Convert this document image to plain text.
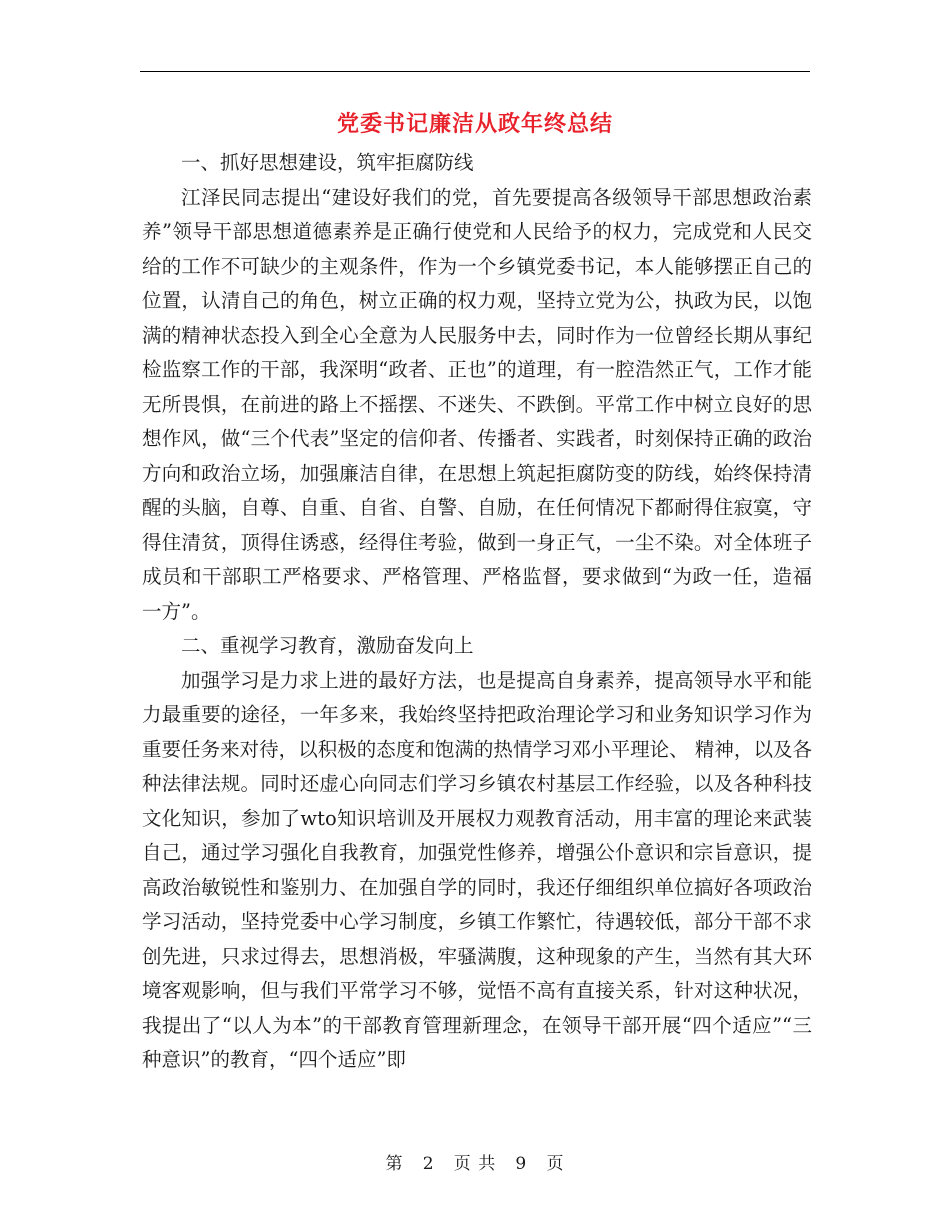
党委书记廉洁从政年终总结

一、抓好思想建设，筑牢拒腐防线

江泽民同志提出“建设好我们的党，首先要提高各级领导干部思想政治素养”领导干部思想道德素养是正确行使党和人民给予的权力，完成党和人民交给的工作不可缺少的主观条件，作为一个乡镇党委书记，本人能够摆正自己的位置，认清自己的角色，树立正确的权力观，坚持立党为公，执政为民，以饱满的精神状态投入到全心全意为人民服务中去，同时作为一位曾经长期从事纪检监察工作的干部，我深明“政者、正也”的道理，有一腔浩然正气，工作才能无所畏惧，在前进的路上不摇摆、不迷失、不跌倒。平常工作中树立良好的思想作风，做“三个代表”坚定的信仰者、传播者、实践者，时刻保持正确的政治方向和政治立场，加强廉洁自律，在思想上筑起拒腐防变的防线，始终保持清醒的头脑，自尊、自重、自省、自警、自励，在任何情况下都耐得住寂寞，守得住清贫，顶得住诱惑，经得住考验，做到一身正气，一尘不染。对全体班子成员和干部职工严格要求、严格管理、严格监督，要求做到“为政一任，造福一方”。

二、重视学习教育，激励奋发向上

加强学习是力求上进的最好方法，也是提高自身素养，提高领导水平和能力最重要的途径，一年多来，我始终坚持把政治理论学习和业务知识学习作为重要任务来对待，以积极的态度和饱满的热情学习邓小平理论、 精神，以及各种法律法规。同时还虚心向同志们学习乡镇农村基层工作经验，以及各种科技文化知识，参加了wto知识培训及开展权力观教育活动，用丰富的理论来武装自己，通过学习强化自我教育，加强党性修养，增强公仆意识和宗旨意识，提高政治敏锐性和鉴别力、在加强自学的同时，我还仔细组织单位搞好各项政治学习活动，坚持党委中心学习制度，乡镇工作繁忙，待遇较低，部分干部不求创先进，只求过得去，思想消极，牢骚满腹，这种现象的产生，当然有其大环境客观影响，但与我们平常学习不够，觉悟不高有直接关系，针对这种状况，我提出了“以人为本”的干部教育管理新理念，在领导干部开展“四个适应”“三种意识”的教育，“四个适应”即

第 2 页 共 9 页
